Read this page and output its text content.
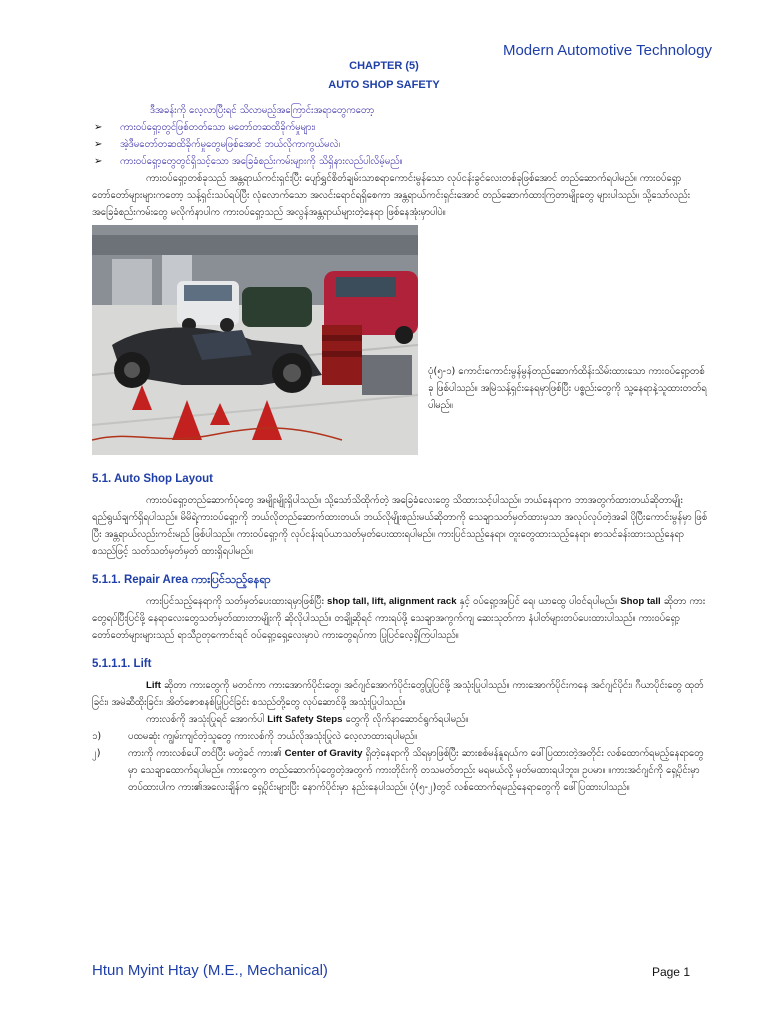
Modern Automotive Technology
CHAPTER (5)
AUTO SHOP SAFETY
ဒီအခန်းကို လေ့လာပြီးရင် သိလာမည့်အကြောင်းအရာတွေကတော့
➢ ကားဝပ်ရှော့တွင်ဖြစ်တတ်သော မတော်တဆထိခိုက်မှုများ၊
➢ အဲ့ဒီမတော်တဆထိခိုက်မှုတွေမဖြစ်အောင် ဘယ်လိုကာကွယ်မလဲ၊
➢ ကားဝပ်ရှော့တွေတွင်ရှိသင့်သော အခြေခံစည်းကမ်းများကို သိရှိနားလည်ပါလိမ့်မည်။

ကားဝပ်ရှော့တစ်ခုသည် အန္တရာယ်ကင်းရှင်းပြီး ပျော်ရွှင်စိတ်ချမ်းသာစရာကောင်းမွန်သော လုပ်ငန်းခွင်လေးတစ်ခုဖြစ်အောင် တည်ဆောက်ရပါမည်။ ကားဝပ်ရှော့တော်တော်များများကတော့ သန့်ရှင်းသပ်ရပ်ပြီး လုံလောက်သော အလင်းရောင်ရရှိစေကာ အန္တရာယ်ကင်းရှင်းအောင် တည်ဆောက်ထားကြတာမျိုးတွေ များပါသည်။ သို့သော်လည်း အခြေခံစည်းကမ်းတွေ မလိုက်နာပါက ကားဝပ်ရှော့သည် အလွန်အန္တရာယ်များတဲ့နေရာ ဖြစ်နေအုံးမှာပါပဲ။

ပုံ(၅-၁) ကောင်းကောင်းမွန်မွန်တည်ဆောက်ထိန်းသိမ်းထားသော ကားဝပ်ရှော့တစ်ခု ဖြစ်ပါသည်။ အမြဲသန့်ရှင်းနေရမှာဖြစ်ပြီး ပစ္စည်းတွေကို သူ့နေရာနဲ့သူထားတတ်ရပါမည်။
5.1. Auto Shop Layout

ကားဝပ်ရှော့တည်ဆောက်ပုံတွေ အမျိုးမျိုးရှိပါသည်။ သို့သော်သိထိုက်တဲ့ အခြေခံလေးတွေ သိထားသင့်ပါသည်။ ဘယ်နေရာက ဘာအတွက်ထားတယ်ဆိုတာမျိုး ရည်ရွယ်ချက်ရှိရပါသည်။ မိမိရဲ့ကားဝပ်ရှော့ကို ဘယ်လိုတည်ဆောက်ထားတယ်၊ ဘယ်လိုမျိုးစည်းမယ်ဆိုတာကို သေချာသတ်မှတ်ထားမှသာ အလုပ်လုပ်တဲ့အခါ ပိုပြီးကောင်းမွန်မှာ ဖြစ်ပြီး အန္တရာယ်လည်းကင်းမည် ဖြစ်ပါသည်။ ကားဝပ်ရှော့ကို လုပ်ငန်းရပ်ယာသတ်မှတ်ပေးထားရပါမည်။ ကားပြင်သည့်နေရာ၊ တူးတွေထားသည့်နေရာ၊ စာသင်ခန်းထားသည့်နေရာ စသည်ဖြင့် သတ်သတ်မှတ်မှတ် ထားရှိရပါမည်။

5.1.1. Repair Area ကားပြင်သည့်နေရာ

ကားပြင်သည့်နေရာကို သတ်မှတ်ပေးထားရမှာဖြစ်ပြီး shop tall, lift, alignment rack နှင့် ဝပ်ရှော့အပြင် ရေ၊ ယာထွေ ပါဝင်ရပါမည်။ Shop tall ဆိုတာ ကားတွေရပ်ပြီးပြင်ဖို့ နေရာလေးတွေသတ်မှတ်ထားတာမျိုးကို ဆိုလိုပါသည်။ တချို့ဆိုရင် ကားရပ်ဖို့ သေချာအကွက်ကျ ဆေးသုတ်ကာ နံပါတ်များတပ်ပေးထားပါသည်။ ကားဝပ်ရှော့တော်တော်များများသည် ရာသီဥတုကောင်းရင် ဝပ်ရှော့ရှေ့လေးမှာပဲ ကားတွေရပ်ကာ ပြုပြင်လေ့ရှိကြပါသည်။

5.1.1.1. Lift

Lift ဆိုတာ ကားတွေကို မတင်ကာ ကားအောက်ပိုင်းတွေ၊ အင်ဂျင်အောက်ပိုင်းတွေပြုပြင်ဖို့ အသုံးပြုပါသည်။ ကားအောက်ပိုင်းကနေ အင်ဂျင်ပိုင်း၊ ဂီယာပိုင်းတွေ ထုတ်ခြင်း၊ အမဲဆီထိုးခြင်း၊ အိတ်ဇောစနစ်ပြုပြင်ခြင်း စသည်တို့တွေ လုပ်ဆောင်ဖို့ အသုံးပြုပါသည်။

ကားလစ်ကို အသုံးပြုရင် အောက်ပါ Lift Safety Steps တွေကို လိုက်နာဆောင်ရွက်ရပါမည်။

၁)	ပထမဆုံး ကျွမ်းကျင်တဲ့သူတွေ ကားလစ်ကို ဘယ်လိုအသုံးပြုလဲ လေ့လာထားရပါမည်။
၂)	ကားကို ကားလစ်ပေါ်တင်ပြီး မတွဲခင် ကား၏ Center of Gravity ရှိတဲ့နေရာကို သိရမှာဖြစ်ပြီး ဆားစစ်မန်နူရယ်က ဖေါ်ပြထားတဲ့အတိုင်း လစ်ထောက်ရမည့်နေရာတွေမှာ သေချာထောက်ရပါမည်။ ကားတွေက တည်ဆောက်ပုံတွေတဲ့အတွက် ကားတိုင်းကို တသမတ်တည်း မရမယ်လို့ မှတ်မထားရပါဘူး။ ဥပမာ။ ။ကားအင်ဂျင်ကို ရှေ့ပိုင်းမှာတပ်ထားပါက ကား၏အလေးချိန်က ရှေ့ပိုင်းများပြီး နောက်ပိုင်းမှာ နည်းနေပါသည်။ ပုံ(၅-၂)တွင် လစ်ထောက်ရမည့်နေရာတွေကို ဖေါ်ပြထားပါသည်။
Htun Myint Htay (M.E., Mechanical)	Page 1
